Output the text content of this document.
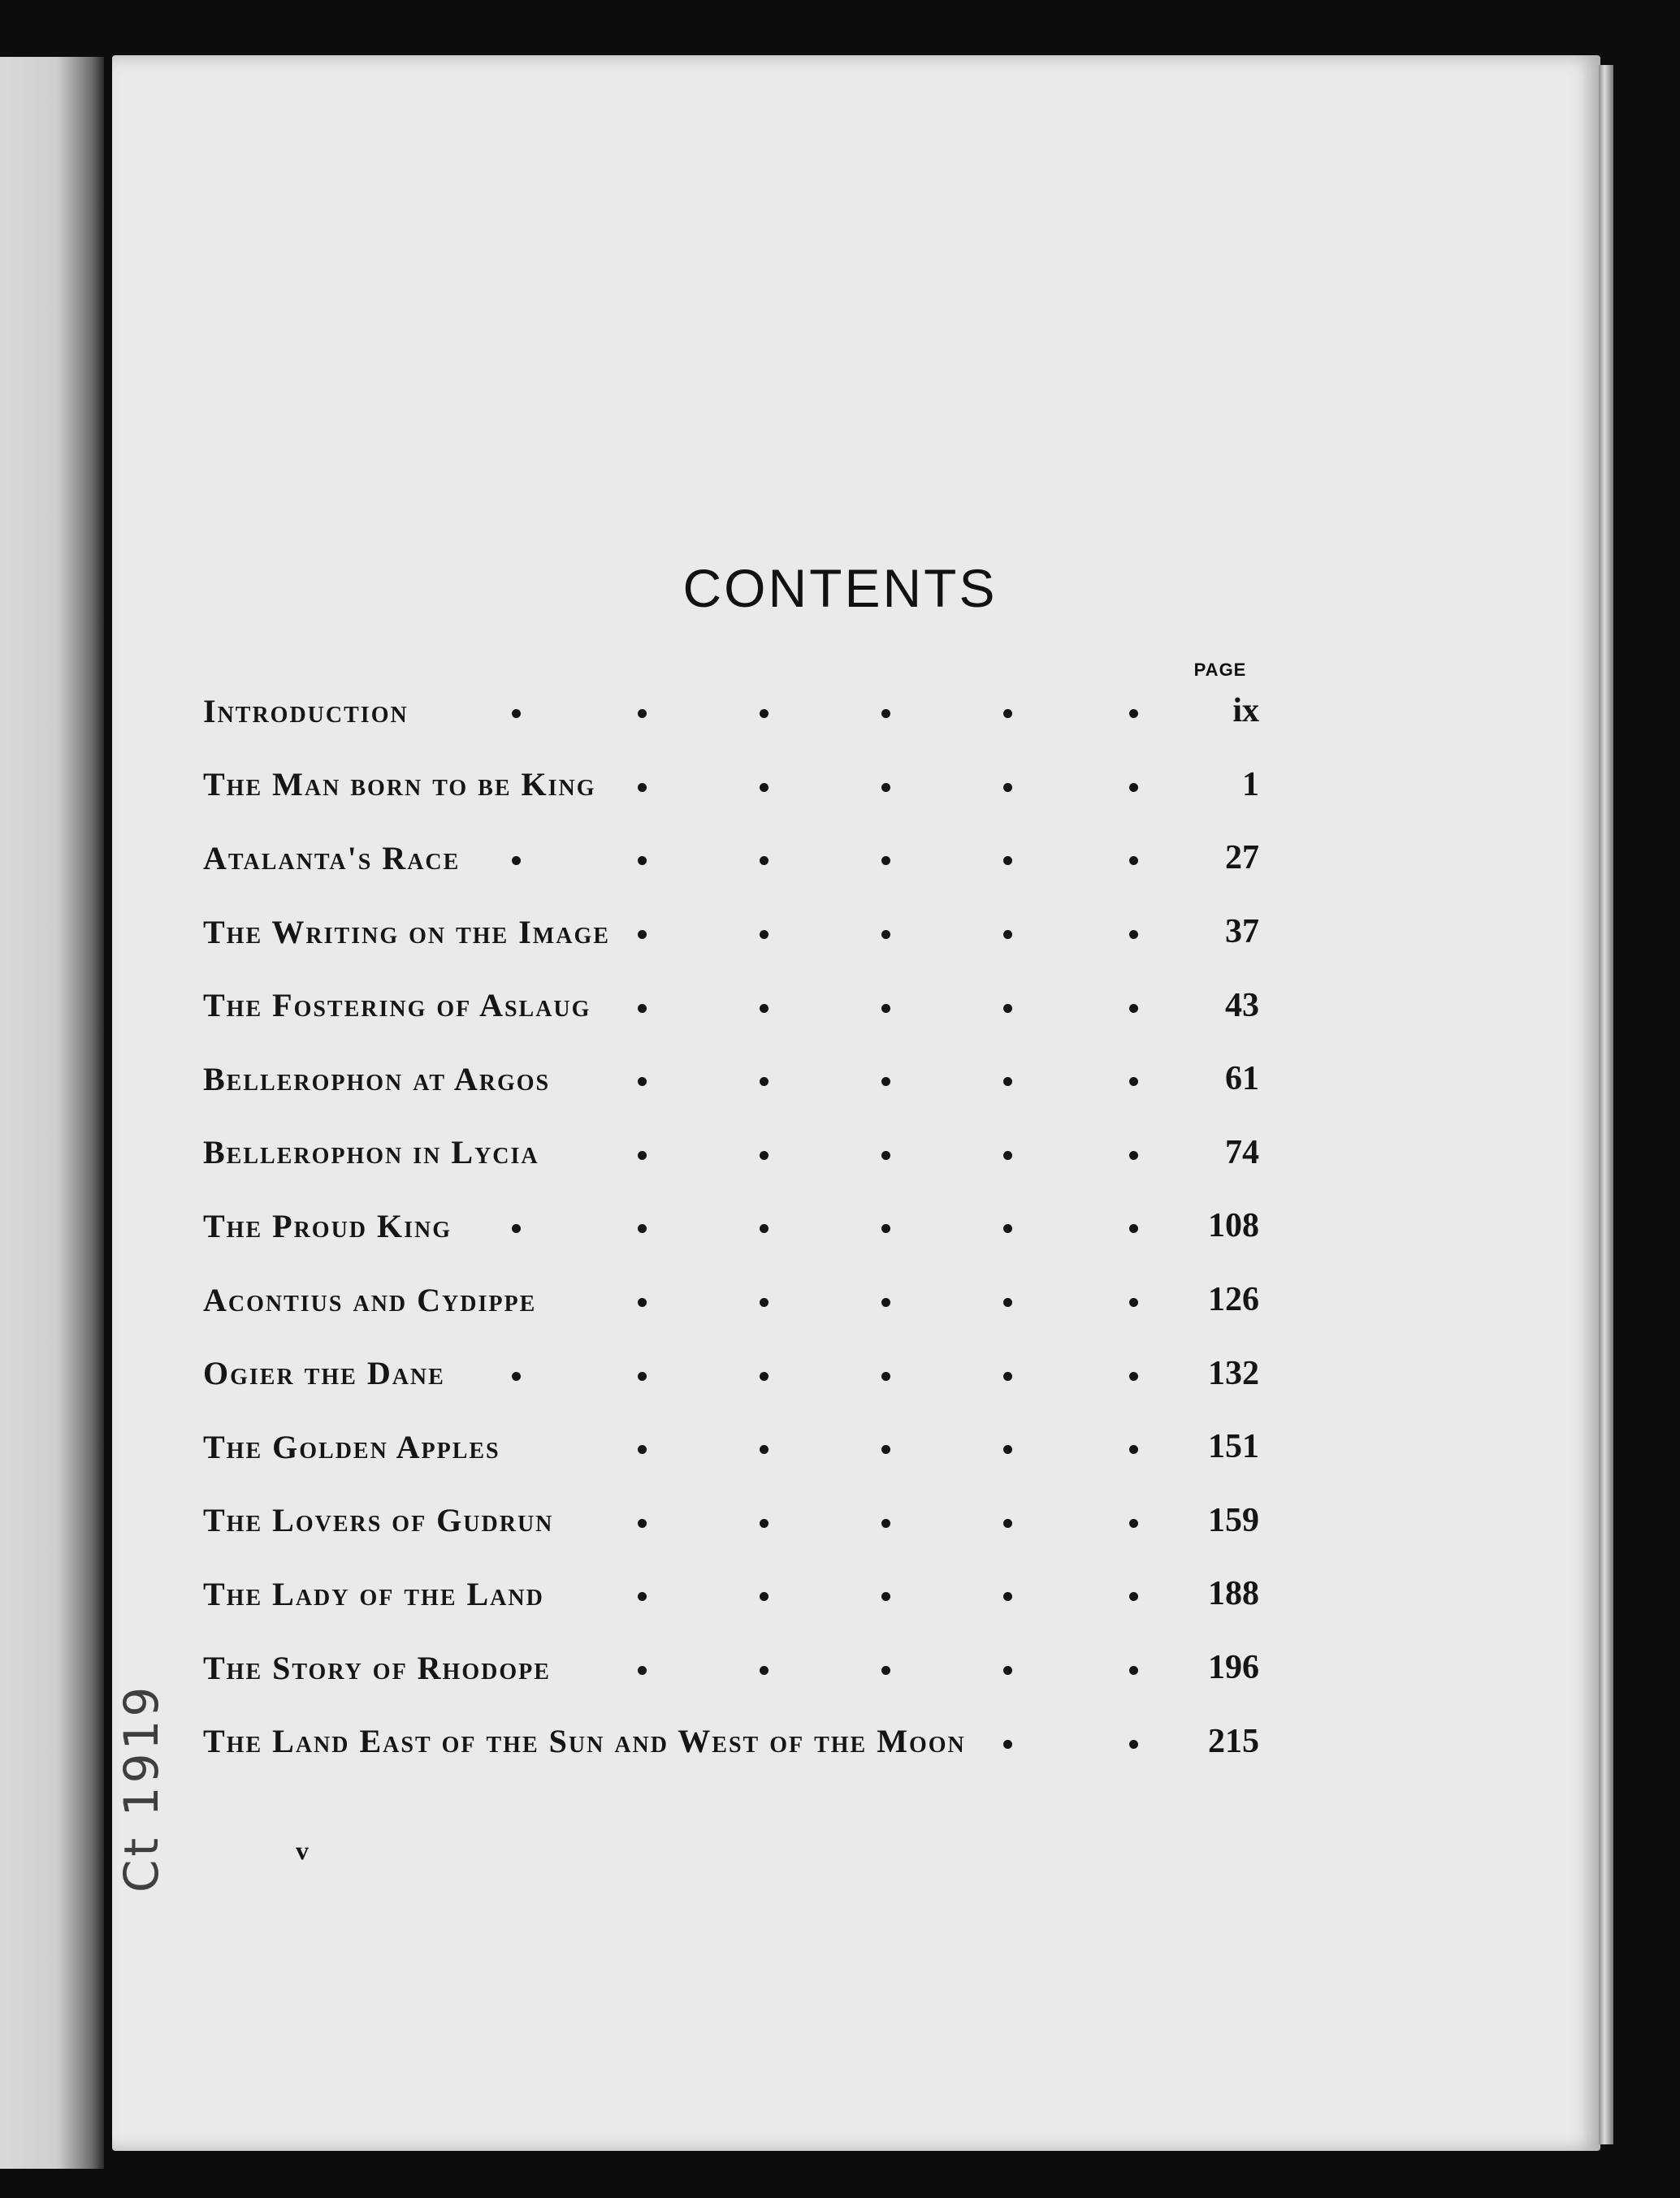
Ct 1919
CONTENTS
PAGE
Introduction	ix
The Man born to be King	1
Atalanta's Race	27
The Writing on the Image	37
The Fostering of Aslaug	43
Bellerophon at Argos	61
Bellerophon in Lycia	74
The Proud King	108
Acontius and Cydippe	126
Ogier the Dane	132
The Golden Apples	151
The Lovers of Gudrun	159
The Lady of the Land	188
The Story of Rhodope	196
The Land East of the Sun and West of the Moon	215
v
